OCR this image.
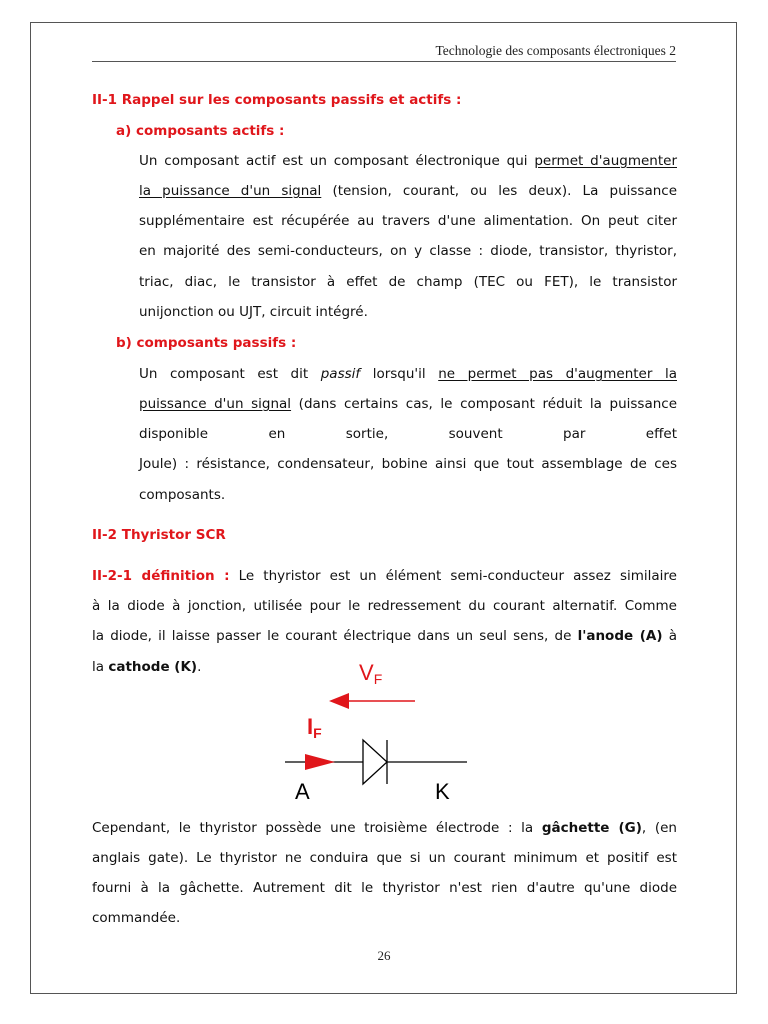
Technologie des composants électroniques 2
II-1 Rappel sur les composants passifs et actifs :
a) composants actifs :
Un composant actif est un composant électronique qui permet d'augmenter
la puissance d'un signal (tension, courant, ou les deux). La puissance
supplémentaire est récupérée au travers d'une alimentation. On peut citer
en majorité des semi-conducteurs, on y classe : diode, transistor, thyristor,
triac, diac, le transistor à effet de champ (TEC ou FET), le transistor
unijonction ou UJT, circuit intégré.
b) composants passifs :
Un composant est dit passif lorsqu'il ne permet pas d'augmenter la
puissance d'un signal (dans certains cas, le composant réduit la puissance
disponible en sortie, souvent par effet
Joule) : résistance, condensateur, bobine ainsi que tout assemblage de ces
composants.
II-2 Thyristor SCR
II-2-1 définition : Le thyristor est un élément semi-conducteur assez similaire
à la diode à jonction, utilisée pour le redressement du courant alternatif. Comme
la diode, il laisse passer le courant électrique dans un seul sens, de l'anode (A) à
la cathode (K).	VF
IF
A	K
Cependant, le thyristor possède une troisième électrode : la gâchette (G), (en
anglais gate). Le thyristor ne conduira que si un courant minimum et positif est
fourni à la gâchette. Autrement dit le thyristor n'est rien d'autre qu'une diode
commandée.
26
